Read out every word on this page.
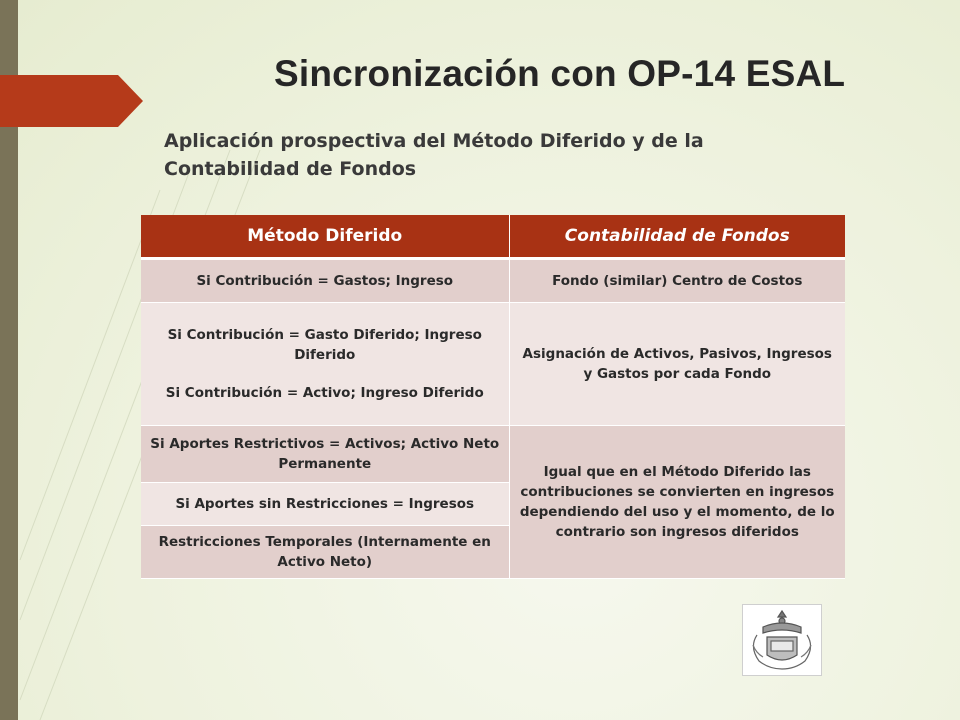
Sincronización con OP-14 ESAL
Aplicación prospectiva del Método Diferido y de la Contabilidad de Fondos
Método Diferido	Contabilidad de Fondos
Si Contribución = Gastos; Ingreso	Fondo (similar) Centro de Costos
Si Contribución = Gasto Diferido; Ingreso Diferido
Si Contribución = Activo; Ingreso Diferido	Asignación de Activos, Pasivos, Ingresos y Gastos por cada Fondo
Si Aportes Restrictivos = Activos; Activo Neto Permanente	Igual que en el Método Diferido las contribuciones se convierten en ingresos dependiendo del uso y el momento, de lo contrario son ingresos diferidos
Si Aportes sin Restricciones = Ingresos	
Restricciones Temporales (Internamente en Activo Neto)	
